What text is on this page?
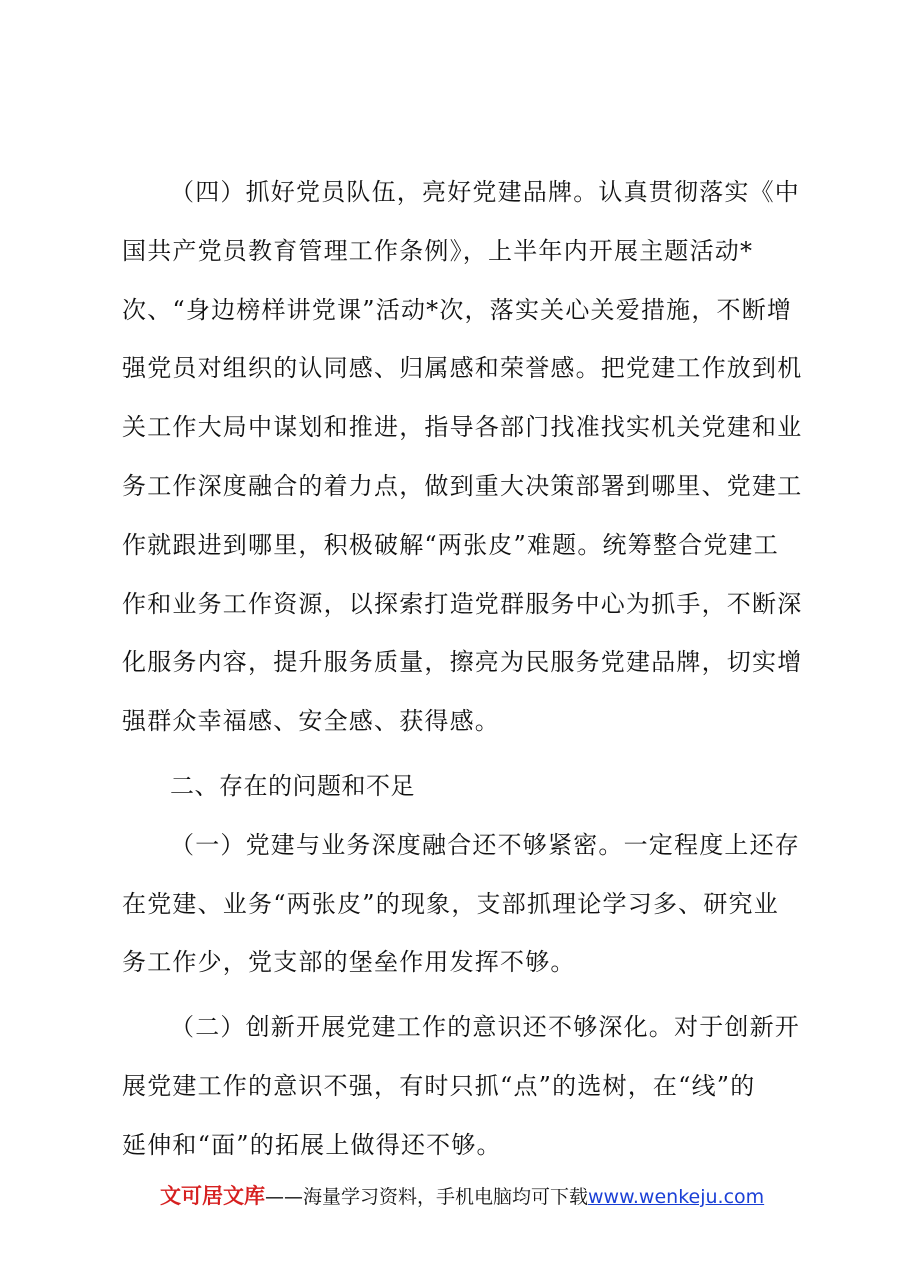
（四）抓好党员队伍，亮好党建品牌。认真贯彻落实《中
国共产党员教育管理工作条例》，上半年内开展主题活动*
次、“身边榜样讲党课”活动*次，落实关心关爱措施，不断增
强党员对组织的认同感、归属感和荣誉感。把党建工作放到机
关工作大局中谋划和推进，指导各部门找准找实机关党建和业
务工作深度融合的着力点，做到重大决策部署到哪里、党建工
作就跟进到哪里，积极破解“两张皮”难题。统筹整合党建工
作和业务工作资源，以探索打造党群服务中心为抓手，不断深
化服务内容，提升服务质量，擦亮为民服务党建品牌，切实增
强群众幸福感、安全感、获得感。

二、存在的问题和不足

（一）党建与业务深度融合还不够紧密。一定程度上还存
在党建、业务“两张皮”的现象，支部抓理论学习多、研究业
务工作少，党支部的堡垒作用发挥不够。

（二）创新开展党建工作的意识还不够深化。对于创新开
展党建工作的意识不强，有时只抓“点”的选树，在“线”的
延伸和“面”的拓展上做得还不够。

文可居文库——海量学习资料，手机电脑均可下载www.wenkeju.com
